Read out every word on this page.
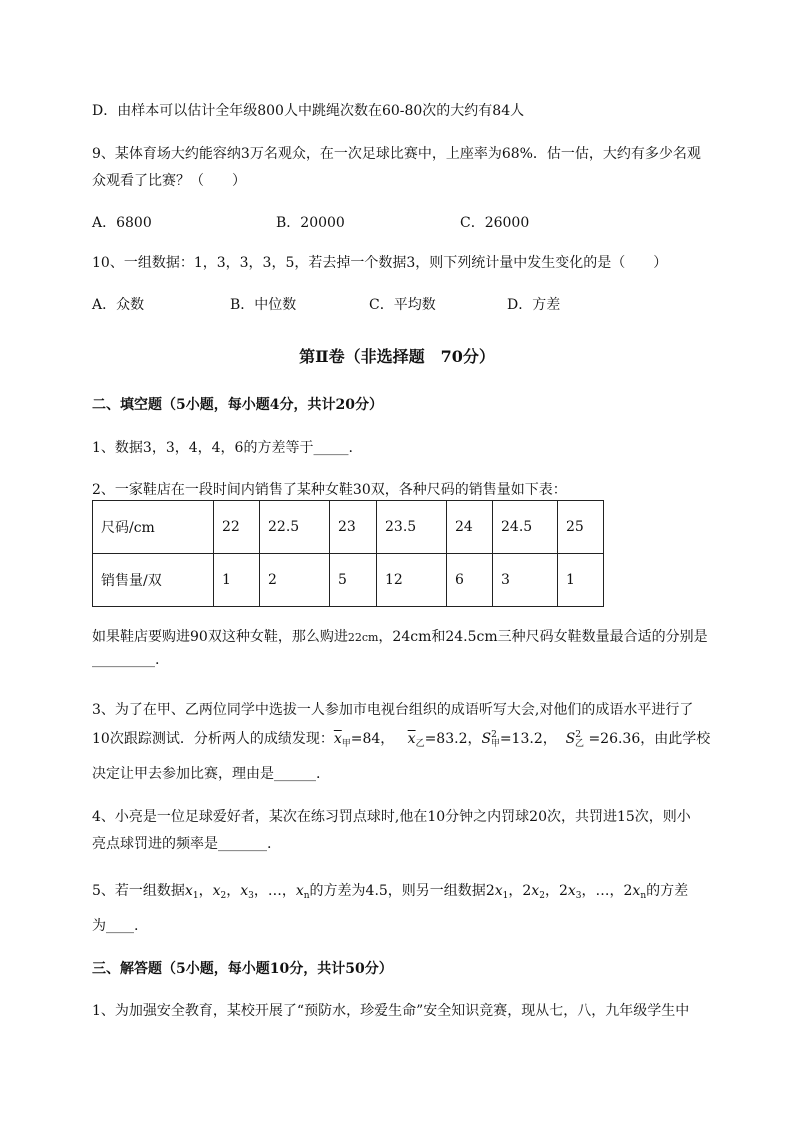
D．由样本可以估计全年级800人中跳绳次数在60-80次的大约有84人
9、某体育场大约能容纳3万名观众，在一次足球比赛中，上座率为68%．估一估，大约有多少名观
众观看了比赛？（　　）
A．6800	B．20000	C．26000
10、一组数据：1，3，3，3，5，若去掉一个数据3，则下列统计量中发生变化的是（　　）
A．众数	B．中位数	C．平均数	D．方差
第Ⅱ卷（非选择题　70分）
二、填空题（5小题，每小题4分，共计20分）
1、数据3，3，4，4，6的方差等于_____.
2、一家鞋店在一段时间内销售了某种女鞋30双，各种尺码的销售量如下表：
尺码/cm	22	22.5	23	23.5	24	24.5	25
销售量/双	1	2	5	12	6	3	1
如果鞋店要购进90双这种女鞋，那么购进22cm，24cm和24.5cm三种尺码女鞋数量最合适的分别是
_________.
3、为了在甲、乙两位同学中选拔一人参加市电视台组织的成语听写大会,对他们的成语水平进行了
10次跟踪测试．分析两人的成绩发现：$\overline{x}_甲=84$， $\overline{x}_乙=83.2$，$S^2_甲=13.2$， $S^2_乙 =26.36$，由此学校
决定让甲去参加比赛，理由是______.
4、小亮是一位足球爱好者，某次在练习罚点球时,他在10分钟之内罚球20次，共罚进15次，则小
亮点球罚进的频率是_______.
5、若一组数据$x_1$，$x_2$，$x_3$，…，$x_n$的方差为4.5，则另一组数据$2x_1$，$2x_2$，$2x_3$，…，$2x_n$的方差
为____.
三、解答题（5小题，每小题10分，共计50分）
1、为加强安全教育，某校开展了“预防水，珍爱生命”安全知识竞赛，现从七，八，九年级学生中
